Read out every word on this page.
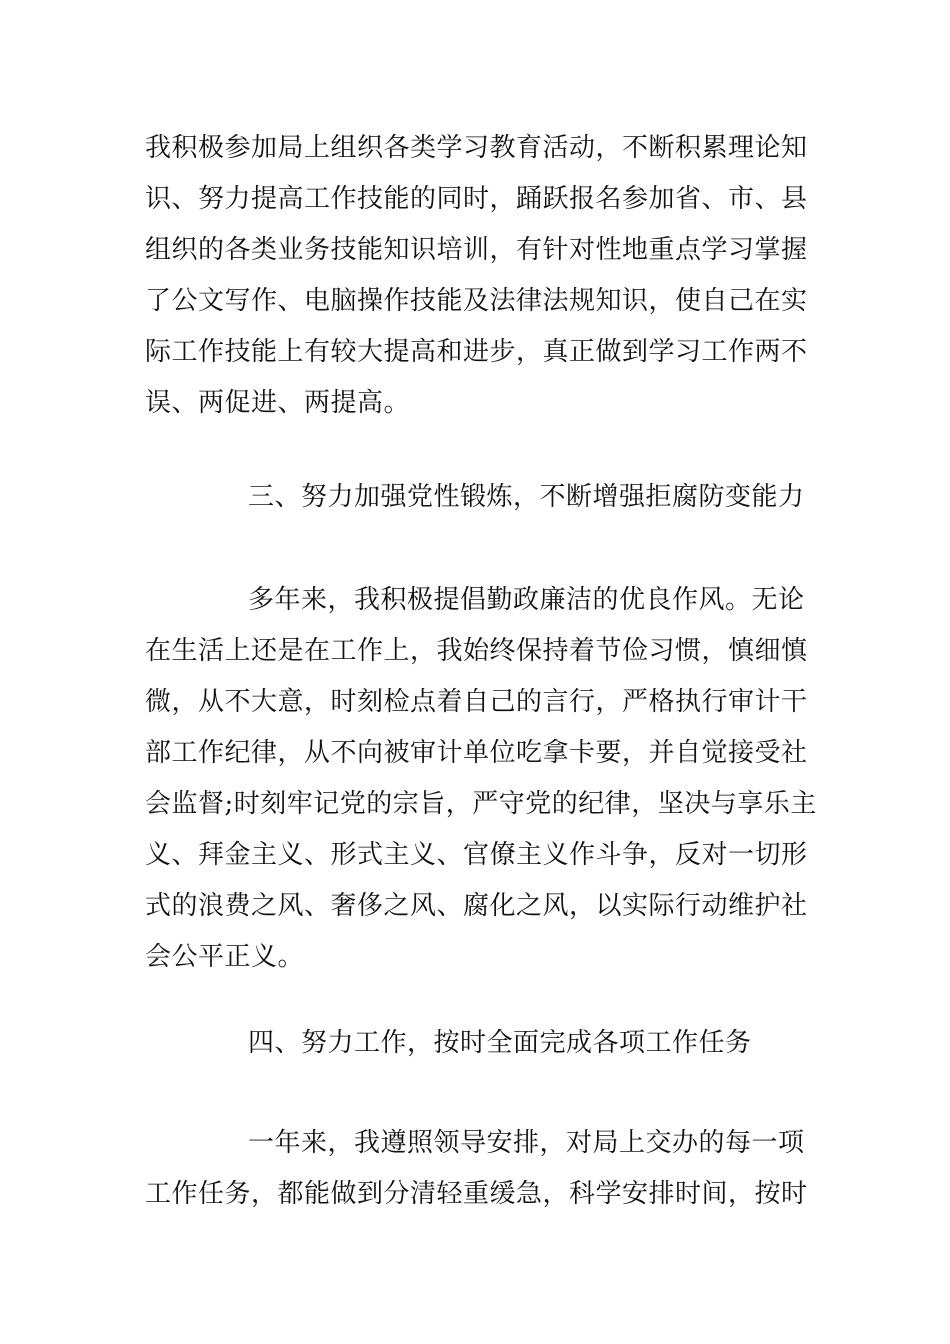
我积极参加局上组织各类学习教育活动，不断积累理论知
识、努力提高工作技能的同时，踊跃报名参加省、市、县
组织的各类业务技能知识培训，有针对性地重点学习掌握
了公文写作、电脑操作技能及法律法规知识，使自己在实
际工作技能上有较大提高和进步，真正做到学习工作两不
误、两促进、两提高。
三、努力加强党性锻炼，不断增强拒腐防变能力
多年来，我积极提倡勤政廉洁的优良作风。无论
在生活上还是在工作上，我始终保持着节俭习惯，慎细慎
微，从不大意，时刻检点着自己的言行，严格执行审计干
部工作纪律，从不向被审计单位吃拿卡要，并自觉接受社
会监督;时刻牢记党的宗旨，严守党的纪律，坚决与享乐主
义、拜金主义、形式主义、官僚主义作斗争，反对一切形
式的浪费之风、奢侈之风、腐化之风，以实际行动维护社
会公平正义。
四、努力工作，按时全面完成各项工作任务
一年来，我遵照领导安排，对局上交办的每一项
工作任务，都能做到分清轻重缓急，科学安排时间，按时
